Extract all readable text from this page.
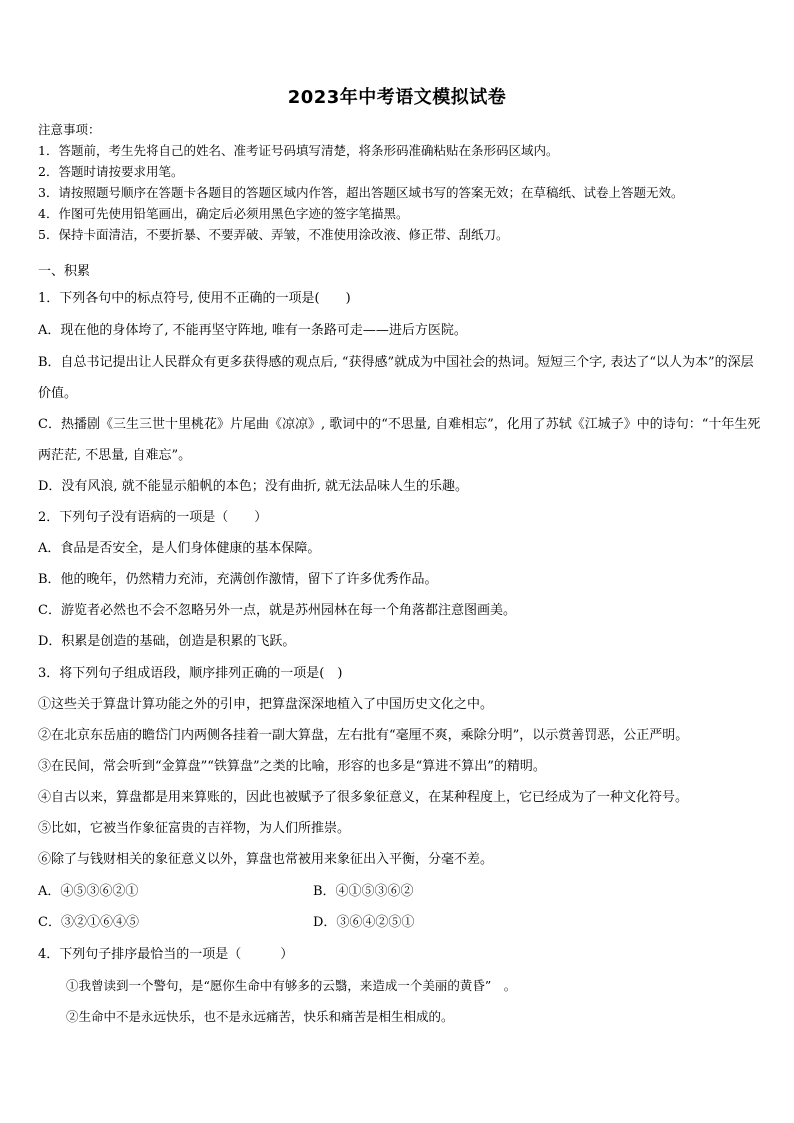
2023年中考语文模拟试卷
注意事项：
1．答题前，考生先将自己的姓名、准考证号码填写清楚，将条形码准确粘贴在条形码区域内。
2．答题时请按要求用笔。
3．请按照题号顺序在答题卡各题目的答题区域内作答，超出答题区域书写的答案无效；在草稿纸、试卷上答题无效。
4．作图可先使用铅笔画出，确定后必须用黑色字迹的签字笔描黑。
5．保持卡面清洁，不要折暴、不要弄破、弄皱，不准使用涂改液、修正带、刮纸刀。
一、积累
1．下列各句中的标点符号, 使用不正确的一项是(　　)
A．现在他的身体垮了, 不能再坚守阵地, 唯有一条路可走——进后方医院。
B．自总书记提出让人民群众有更多获得感的观点后, “获得感”就成为中国社会的热词。短短三个字, 表达了“以人为本”的深层价值。
C．热播剧《三生三世十里桃花》片尾曲《凉凉》, 歌词中的“不思量, 自难相忘”，化用了苏轼《江城子》中的诗句：“十年生死两茫茫, 不思量, 自难忘”。
D．没有风浪, 就不能显示船帆的本色；没有曲折, 就无法品味人生的乐趣。
2．下列句子没有语病的一项是（　　）
A．食品是否安全，是人们身体健康的基本保障。
B．他的晚年，仍然精力充沛，充满创作激情，留下了许多优秀作品。
C．游览者必然也不会不忽略另外一点，就是苏州园林在每一个角落都注意图画美。
D．积累是创造的基础，创造是积累的飞跃。
3．将下列句子组成语段，顺序排列正确的一项是(　)
①这些关于算盘计算功能之外的引申，把算盘深深地植入了中国历史文化之中。
②在北京东岳庙的瞻岱门内两侧各挂着一副大算盘，左右批有“毫厘不爽，乘除分明”，以示赏善罚恶，公正严明。
③在民间，常会听到“金算盘”“铁算盘”之类的比喻，形容的也多是“算进不算出”的精明。
④自古以来，算盘都是用来算账的，因此也被赋予了很多象征意义，在某种程度上，它已经成为了一种文化符号。
⑤比如，它被当作象征富贵的吉祥物，为人们所推崇。
⑥除了与钱财相关的象征意义以外，算盘也常被用来象征出入平衡，分毫不差。
A．④⑤③⑥②①	B．④①⑤③⑥②
C．③②①⑥④⑤	D．③⑥④②⑤①
4．下列句子排序最恰当的一项是（　　　）
①我曾读到一个警句，是“愿你生命中有够多的云翳，来造成一个美丽的黄昏”　。
②生命中不是永远快乐，也不是永远痛苦，快乐和痛苦是相生相成的。
